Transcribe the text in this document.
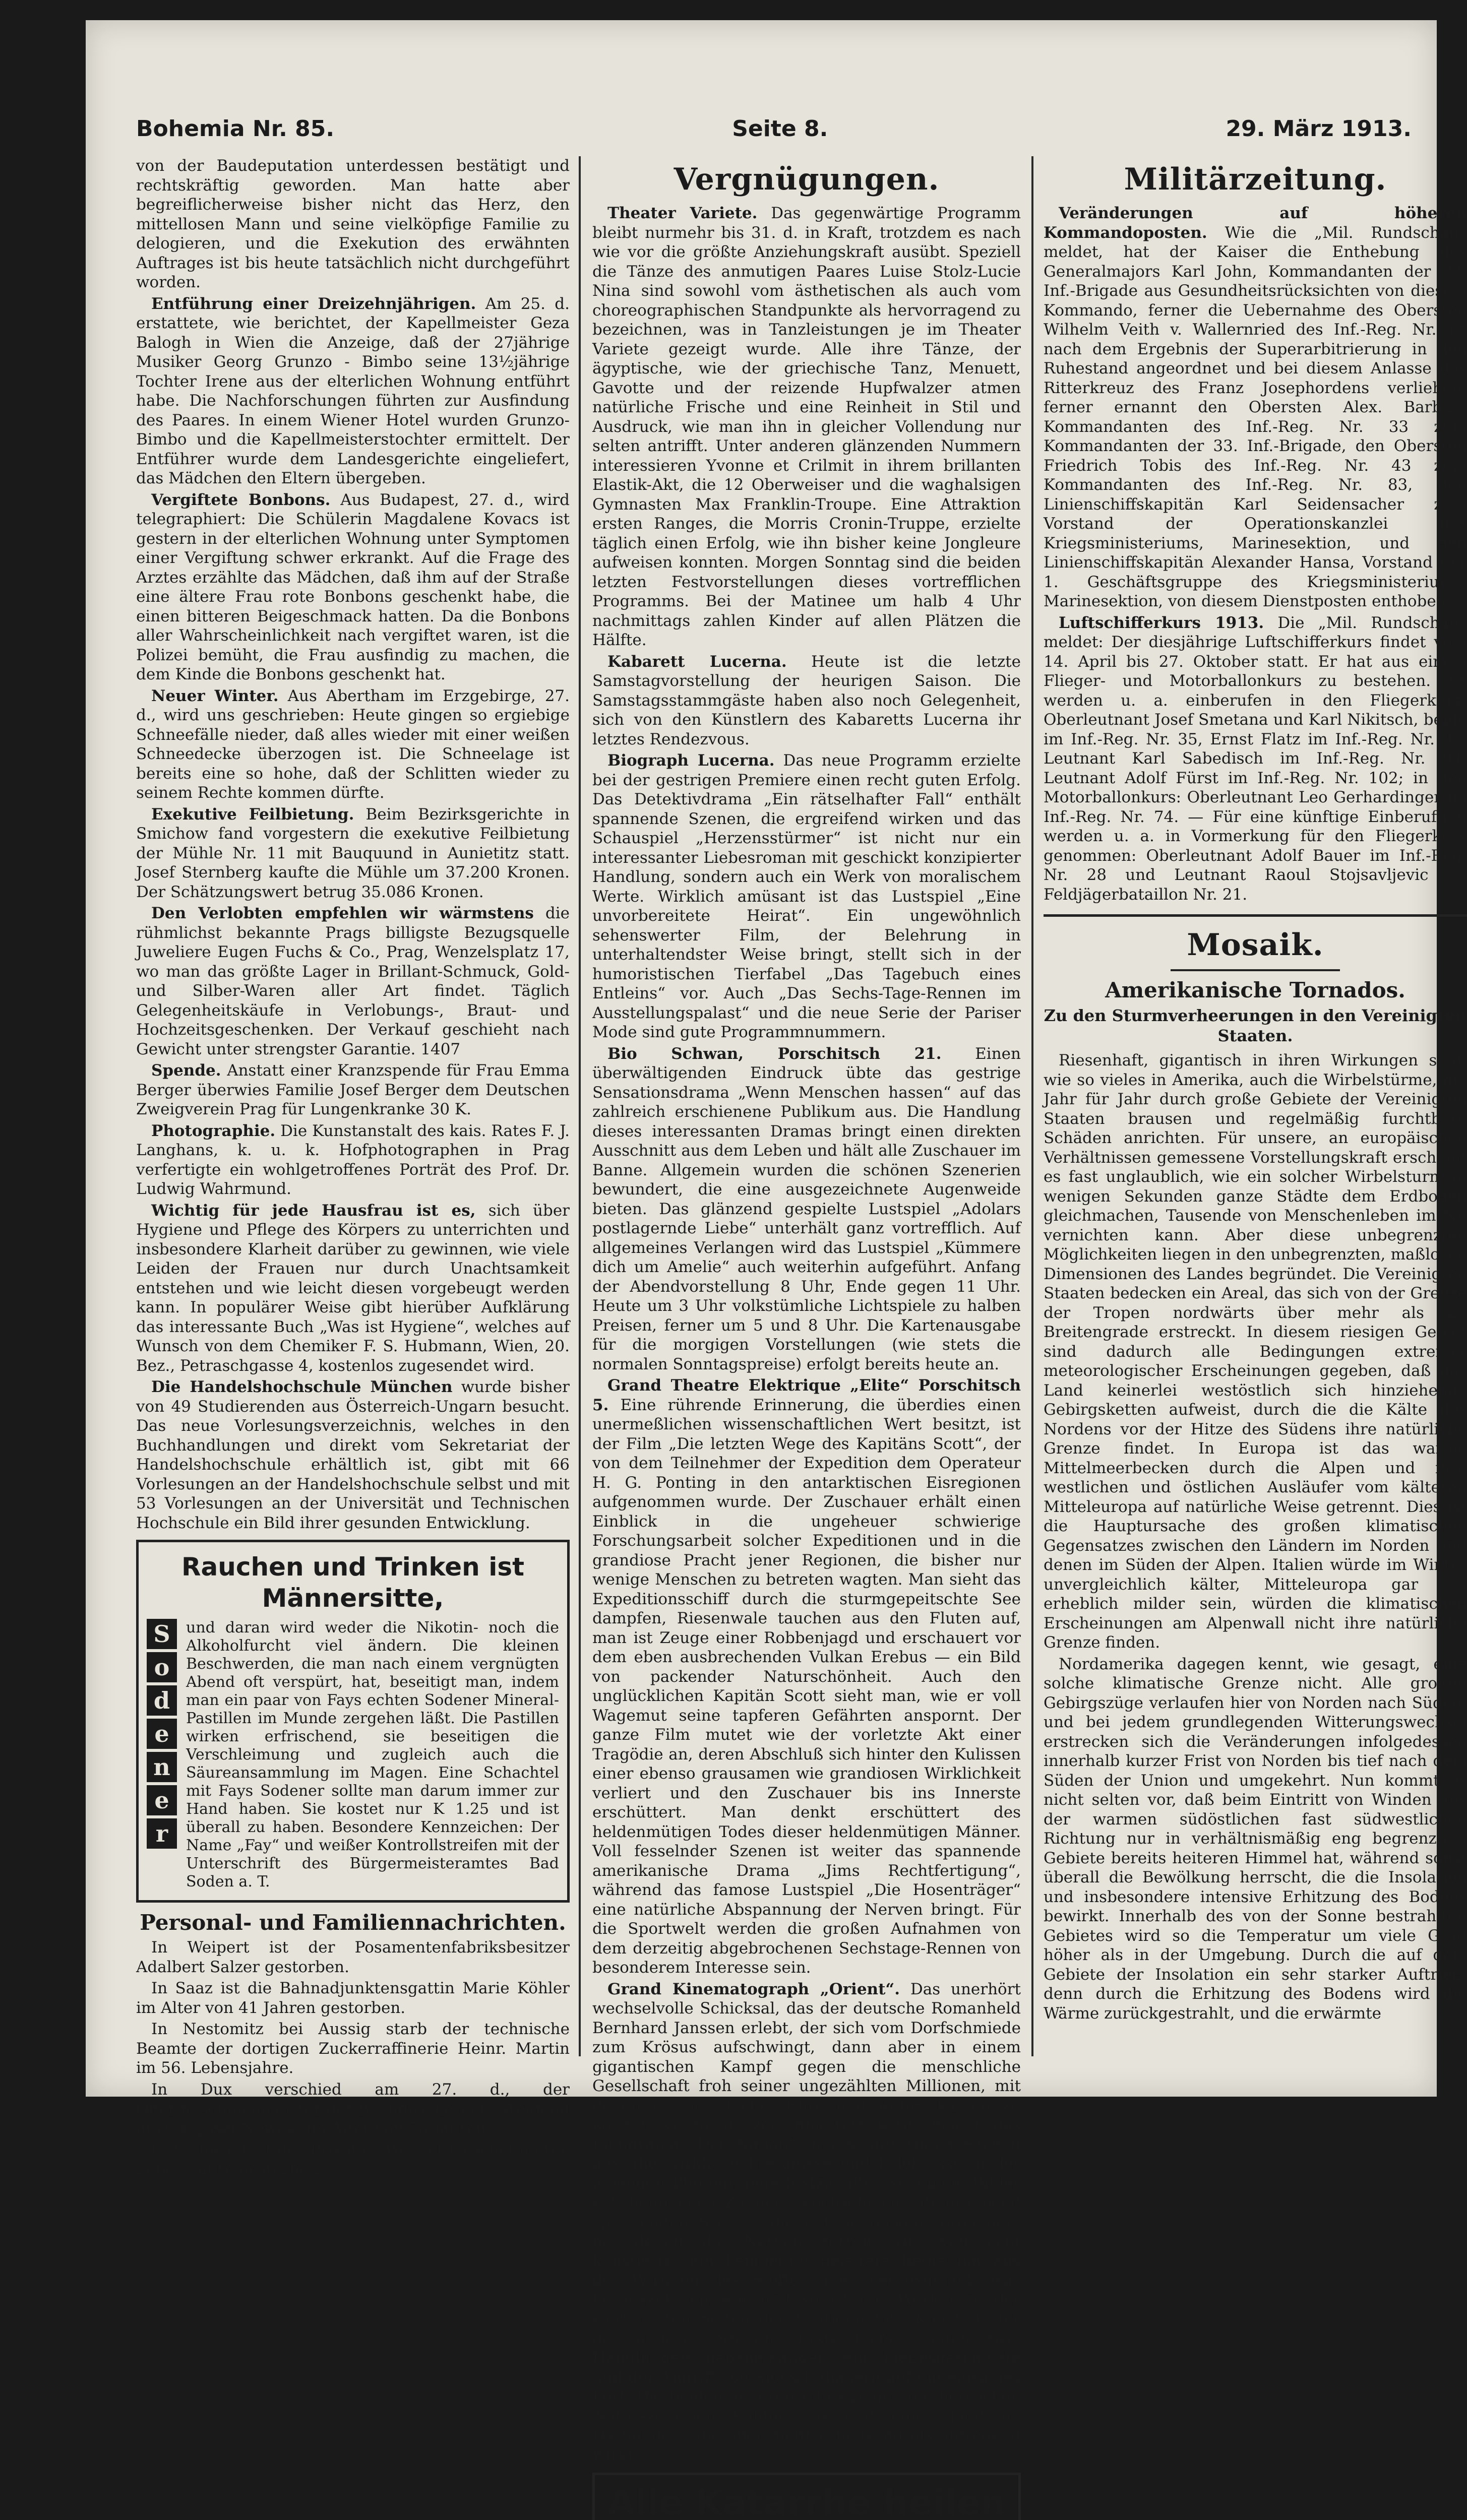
Bohemia Nr. 85.	Seite 8.	29. März 1913.

von der Baudeputation unterdessen bestätigt und rechtskräftig geworden. Man hatte aber begreiflicherweise bisher nicht das Herz, den mittellosen Mann und seine vielköpfige Familie zu delogieren, und die Exekution des erwähnten Auftrages ist bis heute tatsächlich nicht durchgeführt worden.

Entführung einer Dreizehnjährigen. Am 25. d. erstattete, wie berichtet, der Kapellmeister Geza Balogh in Wien die Anzeige, daß der 27jährige Musiker Georg Grunzo - Bimbo seine 13½jährige Tochter Irene aus der elterlichen Wohnung entführt habe. Die Nachforschungen führten zur Ausfindung des Paares. In einem Wiener Hotel wurden Grunzo-Bimbo und die Kapellmeisterstochter ermittelt. Der Entführer wurde dem Landesgerichte eingeliefert, das Mädchen den Eltern übergeben.

Vergiftete Bonbons. Aus Budapest, 27. d., wird telegraphiert: Die Schülerin Magdalene Kovacs ist gestern in der elterlichen Wohnung unter Symptomen einer Vergiftung schwer erkrankt. Auf die Frage des Arztes erzählte das Mädchen, daß ihm auf der Straße eine ältere Frau rote Bonbons geschenkt habe, die einen bitteren Beigeschmack hatten. Da die Bonbons aller Wahrscheinlichkeit nach vergiftet waren, ist die Polizei bemüht, die Frau ausfindig zu machen, die dem Kinde die Bonbons geschenkt hat.

Neuer Winter. Aus Abertham im Erzgebirge, 27. d., wird uns geschrieben: Heute gingen so ergiebige Schneefälle nieder, daß alles wieder mit einer weißen Schneedecke überzogen ist. Die Schneelage ist bereits eine so hohe, daß der Schlitten wieder zu seinem Rechte kommen dürfte.

Exekutive Feilbietung. Beim Bezirksgerichte in Smichow fand vorgestern die exekutive Feilbietung der Mühle Nr. 11 mit Bauquund in Aunietitz statt. Josef Sternberg kaufte die Mühle um 37.200 Kronen. Der Schätzungswert betrug 35.086 Kronen.

Den Verlobten empfehlen wir wärmstens die rühmlichst bekannte Prags billigste Bezugsquelle Juweliere Eugen Fuchs & Co., Prag, Wenzelsplatz 17, wo man das größte Lager in Brillant-Schmuck, Gold- und Silber-Waren aller Art findet. Täglich Gelegenheitskäufe in Verlobungs-, Braut- und Hochzeitsgeschenken. Der Verkauf geschieht nach Gewicht unter strengster Garantie. 1407

Spende. Anstatt einer Kranzspende für Frau Emma Berger überwies Familie Josef Berger dem Deutschen Zweigverein Prag für Lungenkranke 30 K.

Photographie. Die Kunstanstalt des kais. Rates F. J. Langhans, k. u. k. Hofphotographen in Prag verfertigte ein wohlgetroffenes Porträt des Prof. Dr. Ludwig Wahrmund.

Wichtig für jede Hausfrau ist es, sich über Hygiene und Pflege des Körpers zu unterrichten und insbesondere Klarheit darüber zu gewinnen, wie viele Leiden der Frauen nur durch Unachtsamkeit entstehen und wie leicht diesen vorgebeugt werden kann. In populärer Weise gibt hierüber Aufklärung das interessante Buch „Was ist Hygiene“, welches auf Wunsch von dem Chemiker F. S. Hubmann, Wien, 20. Bez., Petraschgasse 4, kostenlos zugesendet wird.

Die Handelshochschule München wurde bisher von 49 Studierenden aus Österreich-Ungarn besucht. Das neue Vorlesungsverzeichnis, welches in den Buchhandlungen und direkt vom Sekretariat der Handelshochschule erhältlich ist, gibt mit 66 Vorlesungen an der Handelshochschule selbst und mit 53 Vorlesungen an der Universität und Technischen Hochschule ein Bild ihrer gesunden Entwicklung.

Rauchen und Trinken ist Männersitte,
S
o
d
e
n
e
r
und daran wird weder die Nikotin- noch die Alkoholfurcht viel ändern. Die kleinen Beschwerden, die man nach einem vergnügten Abend oft verspürt, hat, beseitigt man, indem man ein paar von Fays echten Sodener Mineral-Pastillen im Munde zergehen läßt. Die Pastillen wirken erfrischend, sie beseitigen die Verschleimung und zugleich auch die Säureansammlung im Magen. Eine Schachtel mit Fays Sodener sollte man darum immer zur Hand haben. Sie kostet nur K 1.25 und ist überall zu haben. Besondere Kennzeichen: Der Name „Fay“ und weißer Kontrollstreifen mit der Unterschrift des Bürgermeisteramtes Bad Soden a. T.
Personal- und Familiennachrichten.

In Weipert ist der Posamentenfabriksbesitzer Adalbert Salzer gestorben.

In Saaz ist die Bahnadjunktensgattin Marie Köhler im Alter von 41 Jahren gestorben.

In Nestomitz bei Aussig starb der technische Beamte der dortigen Zuckerraffinerie Heinr. Martin im 56. Lebensjahre.

In Dux verschied am 27. d., der Obermaschinenmeister der Buchdruckerei C. Weigend in Dux, Josef Nowak, im Alter von 58 Jahren.

In Eichwald ist der Privatier Wenzel Lieschel im 65. Lebensjahre gestorben.

Vergnügungen.

Theater Variete. Das gegenwärtige Programm bleibt nurmehr bis 31. d. in Kraft, trotzdem es nach wie vor die größte Anziehungskraft ausübt. Speziell die Tänze des anmutigen Paares Luise Stolz-Lucie Nina sind sowohl vom ästhetischen als auch vom choreographischen Standpunkte als hervorragend zu bezeichnen, was in Tanzleistungen je im Theater Variete gezeigt wurde. Alle ihre Tänze, der ägyptische, wie der griechische Tanz, Menuett, Gavotte und der reizende Hupfwalzer atmen natürliche Frische und eine Reinheit in Stil und Ausdruck, wie man ihn in gleicher Vollendung nur selten antrifft. Unter anderen glänzenden Nummern interessieren Yvonne et Crilmit in ihrem brillanten Elastik-Akt, die 12 Oberweiser und die waghalsigen Gymnasten Max Franklin-Troupe. Eine Attraktion ersten Ranges, die Morris Cronin-Truppe, erzielte täglich einen Erfolg, wie ihn bisher keine Jongleure aufweisen konnten. Morgen Sonntag sind die beiden letzten Festvorstellungen dieses vortrefflichen Programms. Bei der Matinee um halb 4 Uhr nachmittags zahlen Kinder auf allen Plätzen die Hälfte.

Kabarett Lucerna. Heute ist die letzte Samstagvorstellung der heurigen Saison. Die Samstagsstammgäste haben also noch Gelegenheit, sich von den Künstlern des Kabaretts Lucerna ihr letztes Rendezvous.

Biograph Lucerna. Das neue Programm erzielte bei der gestrigen Premiere einen recht guten Erfolg. Das Detektivdrama „Ein rätselhafter Fall“ enthält spannende Szenen, die ergreifend wirken und das Schauspiel „Herzensstürmer“ ist nicht nur ein interessanter Liebesroman mit geschickt konzipierter Handlung, sondern auch ein Werk von moralischem Werte. Wirklich amüsant ist das Lustspiel „Eine unvorbereitete Heirat“. Ein ungewöhnlich sehenswerter Film, der Belehrung in unterhaltendster Weise bringt, stellt sich in der humoristischen Tierfabel „Das Tagebuch eines Entleins“ vor. Auch „Das Sechs-Tage-Rennen im Ausstellungspalast“ und die neue Serie der Pariser Mode sind gute Programmnummern.

Bio Schwan, Porschitsch 21. Einen überwältigenden Eindruck übte das gestrige Sensationsdrama „Wenn Menschen hassen“ auf das zahlreich erschienene Publikum aus. Die Handlung dieses interessanten Dramas bringt einen direkten Ausschnitt aus dem Leben und hält alle Zuschauer im Banne. Allgemein wurden die schönen Szenerien bewundert, die eine ausgezeichnete Augenweide bieten. Das glänzend gespielte Lustspiel „Adolars postlagernde Liebe“ unterhält ganz vortrefflich. Auf allgemeines Verlangen wird das Lustspiel „Kümmere dich um Amelie“ auch weiterhin aufgeführt. Anfang der Abendvorstellung 8 Uhr, Ende gegen 11 Uhr. Heute um 3 Uhr volkstümliche Lichtspiele zu halben Preisen, ferner um 5 und 8 Uhr. Die Kartenausgabe für die morgigen Vorstellungen (wie stets die normalen Sonntagspreise) erfolgt bereits heute an.

Grand Theatre Elektrique „Elite“ Porschitsch 5. Eine rührende Erinnerung, die überdies einen unermeßlichen wissenschaftlichen Wert besitzt, ist der Film „Die letzten Wege des Kapitäns Scott“, der von dem Teilnehmer der Expedition dem Operateur H. G. Ponting in den antarktischen Eisregionen aufgenommen wurde. Der Zuschauer erhält einen Einblick in die ungeheuer schwierige Forschungsarbeit solcher Expeditionen und in die grandiose Pracht jener Regionen, die bisher nur wenige Menschen zu betreten wagten. Man sieht das Expeditionsschiff durch die sturmgepeitschte See dampfen, Riesenwale tauchen aus den Fluten auf, man ist Zeuge einer Robbenjagd und erschauert vor dem eben ausbrechenden Vulkan Erebus — ein Bild von packender Naturschönheit. Auch den unglücklichen Kapitän Scott sieht man, wie er voll Wagemut seine tapferen Gefährten anspornt. Der ganze Film mutet wie der vorletzte Akt einer Tragödie an, deren Abschluß sich hinter den Kulissen einer ebenso grausamen wie grandiosen Wirklichkeit verliert und den Zuschauer bis ins Innerste erschüttert. Man denkt erschüttert des heldenmütigen Todes dieser heldenmütigen Männer. Voll fesselnder Szenen ist weiter das spannende amerikanische Drama „Jims Rechtfertigung“, während das famose Lustspiel „Die Hosenträger“ eine natürliche Abspannung der Nerven bringt. Für die Sportwelt werden die großen Aufnahmen von dem derzeitig abgebrochenen Sechstage-Rennen von besonderem Interesse sein.

Grand Kinematograph „Orient“. Das unerhört wechselvolle Schicksal, das der deutsche Romanheld Bernhard Janssen erlebt, der sich vom Dorfschmiede zum Krösus aufschwingt, dann aber in einem gigantischen Kampf gegen die menschliche Gesellschaft froh seiner ungezählten Millionen, mit denen er sich Liebe, Ehre und Ruhm kaufen zu können vermeint, zerschmettert wird, macht das Filmdrama „Der Nabob“ in erschütternden Szenen aus, die wirkliche Ereignisse und Erlebnisse in der lebenden Photographie festzuhalten scheinen. Bilder voll heimlichen Zaubers wechseln mit atemraubend spannenden Szenen, die mit Schreckensvorgängen, bei denen die Nerven zerren. Die von echt künstlerischem Feingefühl geleitete Regie hat aus der Wirkung des Stoffes alles herausgeholt, was herauszuholen war und so ist das Werk eine der wertvollsten Seiten der heutigen Film-Kunst. Unter den anderen Szenen „Erste Liebe“ laufen zwei Handlungen nebeneinander, ein Liebesgeschichte und der Angriff von Sioux-Indianern auf ein einsames Fort. Die beiden anderen Films zeigen die herrlichen Naturszenerien Kaliforniens und eine „Jagd im Dschungel“, die aber mehr erheiternd als aufregend wirkt.

Alle Katarrhe heilen
Militärzeitung.

Veränderungen auf höheren Kommandoposten. Wie die „Mil. Rundschau“ meldet, hat der Kaiser die Enthebung des Generalmajors Karl John, Kommandanten der 33. Inf.-Brigade aus Gesundheitsrücksichten von diesem Kommando, ferner die Uebernahme des Obersten Wilhelm Veith v. Wallernried des Inf.-Reg. Nr. 15 nach dem Ergebnis der Superarbitrierung in den Ruhestand angeordnet und bei diesem Anlasse das Ritterkreuz des Franz Josephordens verliehen; ferner ernannt den Obersten Alex. Barbini, Kommandanten des Inf.-Reg. Nr. 33 zum Kommandanten der 33. Inf.-Brigade, den Obersten Friedrich Tobis des Inf.-Reg. Nr. 43 zum Kommandanten des Inf.-Reg. Nr. 83, den Linienschiffskapitän Karl Seidensacher zum Vorstand der Operationskanzlei des Kriegsministeriums, Marinesektion, und den Linienschiffskapitän Alexander Hansa, Vorstand der 1. Geschäftsgruppe des Kriegsministeriums, Marinesektion, von diesem Dienstposten enthoben.

Luftschifferkurs 1913. Die „Mil. Rundschau“ meldet: Der diesjährige Luftschifferkurs findet vom 14. April bis 27. Oktober statt. Er hat aus einem Flieger- und Motorballonkurs zu bestehen. Es werden u. a. einberufen in den Fliegerkurs: Oberleutnant Josef Smetana und Karl Nikitsch, beide im Inf.-Reg. Nr. 35, Ernst Flatz im Inf.-Reg. Nr. 91, Leutnant Karl Sabedisch im Inf.-Reg. Nr. 94, Leutnant Adolf Fürst im Inf.-Reg. Nr. 102; in den Motorballonkurs: Oberleutnant Leo Gerhardinger im Inf.-Reg. Nr. 74. — Für eine künftige Einberufung werden u. a. in Vormerkung für den Fliegerkurs genommen: Oberleutnant Adolf Bauer im Inf.-Reg. Nr. 28 und Leutnant Raoul Stojsavljevic im Feldjägerbataillon Nr. 21.

Mosaik.
Amerikanische Tornados.
Zu den Sturmverheerungen in den Vereinigten Staaten.

Riesenhaft, gigantisch in ihren Wirkungen sind, wie so vieles in Amerika, auch die Wirbelstürme, die Jahr für Jahr durch große Gebiete der Vereinigten Staaten brausen und regelmäßig furchtbare Schäden anrichten. Für unsere, an europäischen Verhältnissen gemessene Vorstellungskraft erscheint es fast unglaublich, wie ein solcher Wirbelsturm in wenigen Sekunden ganze Städte dem Erdboden gleichmachen, Tausende von Menschenleben im Nu vernichten kann. Aber diese unbegrenzten Möglichkeiten liegen in den unbegrenzten, maßlosen Dimensionen des Landes begründet. Die Vereinigten Staaten bedecken ein Areal, das sich von der Grenze der Tropen nordwärts über mehr als 25 Breitengrade erstreckt. In diesem riesigen Gebiet sind dadurch alle Bedingungen extremer meteorologischer Erscheinungen gegeben, daß das Land keinerlei westöstlich sich hinziehende Gebirgsketten aufweist, durch die die Kälte des Nordens vor der Hitze des Südens ihre natürliche Grenze findet. In Europa ist das warme Mittelmeerbecken durch die Alpen und ihre westlichen und östlichen Ausläufer vom kälteren Mitteleuropa auf natürliche Weise getrennt. Dies ist die Hauptursache des großen klimatischen Gegensatzes zwischen den Ländern im Norden und denen im Süden der Alpen. Italien würde im Winter unvergleichlich kälter, Mitteleuropa gar um erheblich milder sein, würden die klimatischen Erscheinungen am Alpenwall nicht ihre natürliche Grenze finden.

Nordamerika dagegen kennt, wie gesagt, eine solche klimatische Grenze nicht. Alle großen Gebirgszüge verlaufen hier von Norden nach Süden, und bei jedem grundlegenden Witterungswechsel erstrecken sich die Veränderungen infolgedessen innerhalb kurzer Frist von Norden bis tief nach dem Süden der Union und umgekehrt. Nun kommt es nicht selten vor, daß beim Eintritt von Winden aus der warmen südöstlichen fast südwestlichen Richtung nur in verhältnismäßig eng begrenztem Gebiete bereits heiteren Himmel hat, während sonst überall die Bewölkung herrscht, die die Insolation und insbesondere intensive Erhitzung des Bodens bewirkt. Innerhalb des von der Sonne bestrahlten Gebietes wird so die Temperatur um viele Grad höher als in der Umgebung. Durch die auf dem Gebiete der Insolation ein sehr starker Auftrieb, denn durch die Erhitzung des Bodens wird die Wärme zurückgestrahlt, und die erwärmte
